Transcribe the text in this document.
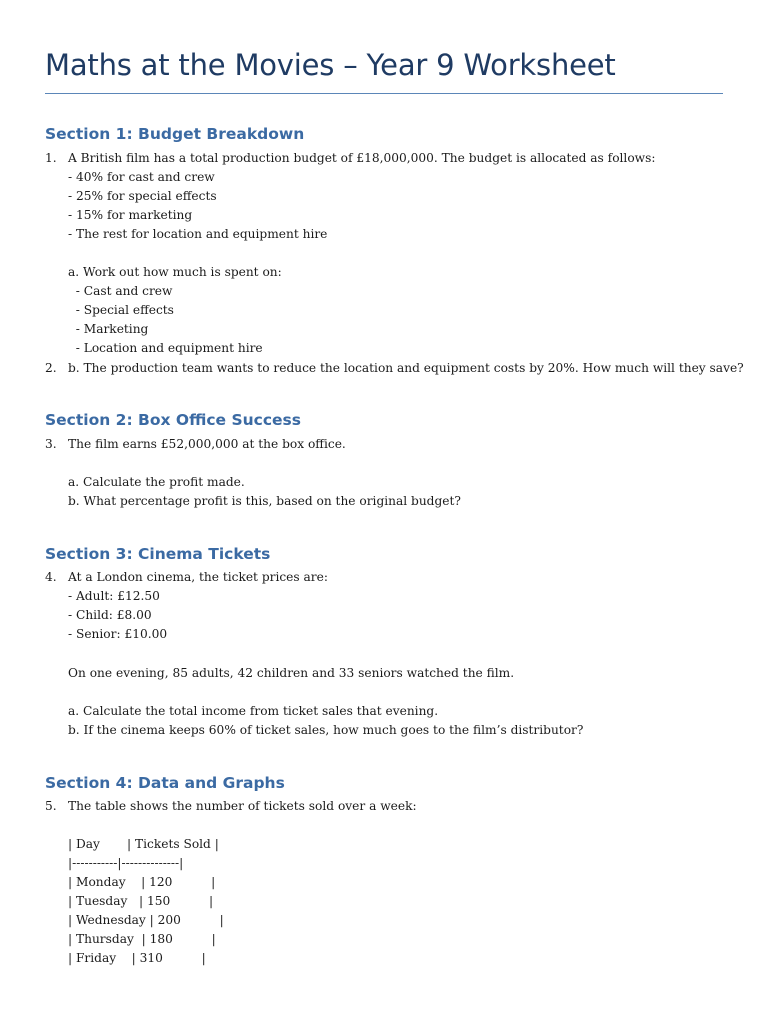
Maths at the Movies – Year 9 Worksheet
Section 1: Budget Breakdown
1. A British film has a total production budget of £18,000,000. The budget is allocated as follows:
- 40% for cast and crew
- 25% for special effects
- 15% for marketing
- The rest for location and equipment hire
a. Work out how much is spent on:
- Cast and crew
- Special effects
- Marketing
- Location and equipment hire
2. b. The production team wants to reduce the location and equipment costs by 20%. How much will they save?
Section 2: Box Office Success
3. The film earns £52,000,000 at the box office.
a. Calculate the profit made.
b. What percentage profit is this, based on the original budget?
Section 3: Cinema Tickets
4. At a London cinema, the ticket prices are:
- Adult: £12.50
- Child: £8.00
- Senior: £10.00
On one evening, 85 adults, 42 children and 33 seniors watched the film.
a. Calculate the total income from ticket sales that evening.
b. If the cinema keeps 60% of ticket sales, how much goes to the film’s distributor?
Section 4: Data and Graphs
5. The table shows the number of tickets sold over a week:
| Day       | Tickets Sold |
|-----------|--------------|
| Monday    | 120          |
| Tuesday   | 150          |
| Wednesday | 200          |
| Thursday  | 180          |
| Friday    | 310          |
